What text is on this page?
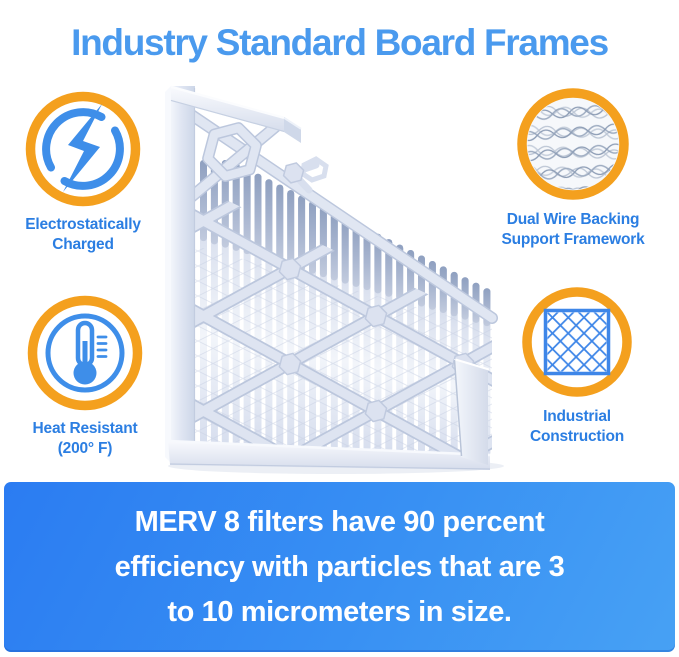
Industry Standard Board Frames
Electrostatically
Charged
Dual Wire Backing
Support Framework
Heat Resistant
(200° F)
Industrial
Construction
MERV 8 filters have 90 percent
efficiency with particles that are 3
to 10 micrometers in size.
